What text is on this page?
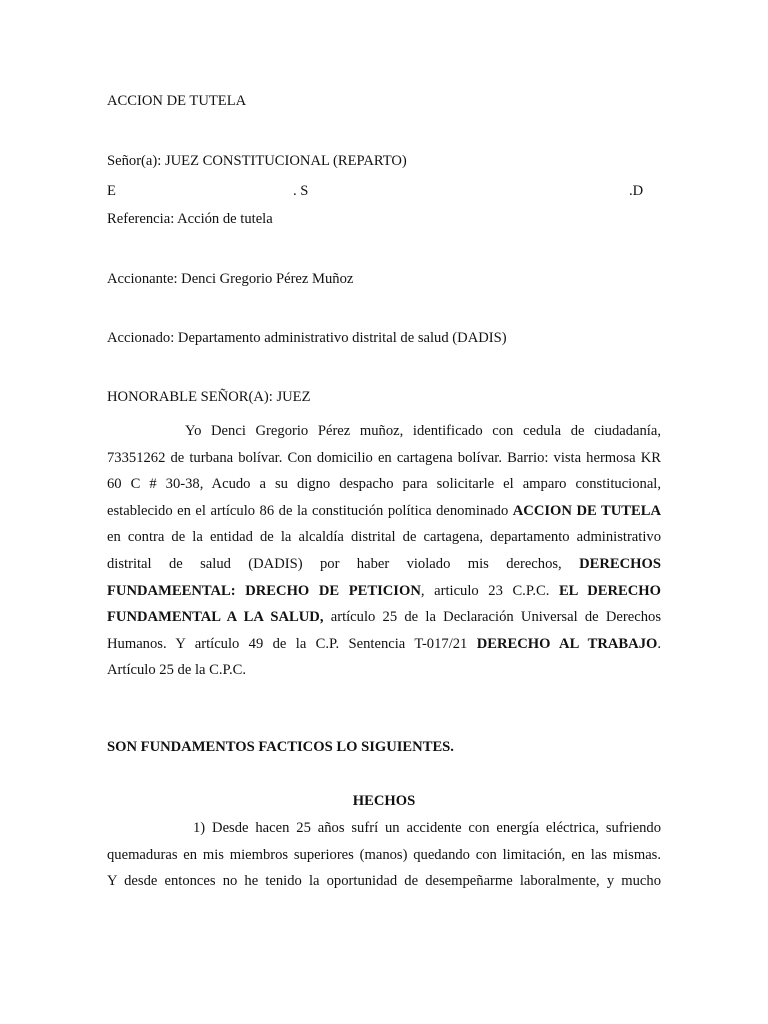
ACCION DE TUTELA
Señor(a): JUEZ CONSTITUCIONAL (REPARTO)
E	. S	.D
Referencia: Acción de tutela
Accionante: Denci Gregorio Pérez Muñoz
Accionado: Departamento administrativo distrital de salud (DADIS)
HONORABLE SEÑOR(A): JUEZ
Yo Denci Gregorio Pérez muñoz, identificado con cedula de ciudadanía,
73351262 de turbana bolívar. Con domicilio en cartagena bolívar. Barrio: vista hermosa KR
60 C # 30-38, Acudo a su digno despacho para solicitarle el amparo constitucional,
establecido en el artículo 86 de la constitución política denominado ACCION DE TUTELA
en contra de la entidad de la alcaldía distrital de cartagena, departamento administrativo
distrital de salud (DADIS) por haber violado mis derechos, DERECHOS
FUNDAMEENTAL: DRECHO DE PETICION, articulo 23 C.P.C. EL DERECHO
FUNDAMENTAL A LA SALUD, artículo 25 de la Declaración Universal de Derechos
Humanos. Y artículo 49 de la C.P. Sentencia T-017/21 DERECHO AL TRABAJO.
Artículo 25 de la C.P.C.
SON FUNDAMENTOS FACTICOS LO SIGUIENTES.
HECHOS
1) Desde hacen 25 años sufrí un accidente con energía eléctrica, sufriendo
quemaduras en mis miembros superiores (manos) quedando con limitación, en las mismas.
Y desde entonces no he tenido la oportunidad de desempeñarme laboralmente, y mucho
